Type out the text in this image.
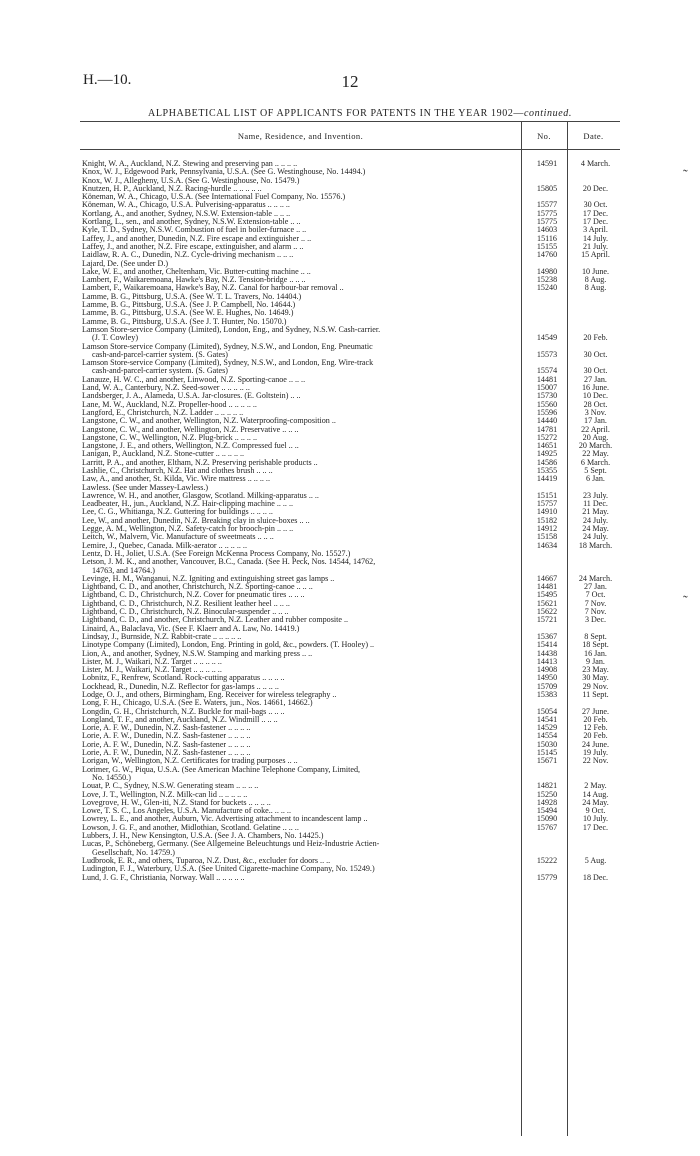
H.—10.	12
ALPHABETICAL LIST OF APPLICANTS FOR PATENTS IN THE YEAR 1902—continued.
Name, Residence, and Invention.	No.	Date.
Knight, W. A., Auckland, N.Z. Stewing and preserving pan .. .. .. ..	14591	4 March.
Knox, W. J., Edgewood Park, Pennsylvania, U.S.A. (See G. Westinghouse, No. 14494.)
Knox, W. J., Allegheny, U.S.A. (See G. Westinghouse, No. 15479.)
Knutzen, H. P., Auckland, N.Z. Racing-hurdle .. .. .. .. ..	15805	20 Dec.
Köneman, W. A., Chicago, U.S.A. (See International Fuel Company, No. 15576.)
Köneman, W. A., Chicago, U.S.A. Pulverising-apparatus .. .. .. ..	15577	30 Oct.
Kortlang, A., and another, Sydney, N.S.W. Extension-table .. .. ..	15775	17 Dec.
Kortlang, L., sen., and another, Sydney, N.S.W. Extension-table .. ..	15775	17 Dec.
Kyle, T. D., Sydney, N.S.W. Combustion of fuel in boiler-furnace .. ..	14603	3 April.
Laffey, J., and another, Dunedin, N.Z. Fire escape and extinguisher .. ..	15116	14 July.
Laffey, J., and another, N.Z. Fire escape, extinguisher, and alarm .. ..	15155	21 July.
Laidlaw, R. A. C., Dunedin, N.Z. Cycle-driving mechanism .. .. ..	14760	15 April.
Lajard, De. (See under D.)
Lake, W. E., and another, Cheltenham, Vic. Butter-cutting machine .. ..	14980	10 June.
Lambert, F., Waikaremoana, Hawke's Bay, N.Z. Tension-bridge .. .. ..	15238	8 Aug.
Lambert, F., Waikaremoana, Hawke's Bay, N.Z. Canal for harbour-bar removal ..	15240	8 Aug.
Lamme, B. G., Pittsburg, U.S.A. (See W. T. L. Travers, No. 14404.)
Lamme, B. G., Pittsburg, U.S.A. (See J. P. Campbell, No. 14644.)
Lamme, B. G., Pittsburg, U.S.A. (See W. E. Hughes, No. 14649.)
Lamme, B. G., Pittsburg, U.S.A. (See J. T. Hunter, No. 15070.)
Lamson Store-service Company (Limited), London, Eng., and Sydney, N.S.W. Cash-carrier.
(J. T. Cowley)	14549	20 Feb.
Lamson Store-service Company (Limited), Sydney, N.S.W., and London, Eng. Pneumatic
cash-and-parcel-carrier system. (S. Gates)	15573	30 Oct.
Lamson Store-service Company (Limited), Sydney, N.S.W., and London, Eng. Wire-track
cash-and-parcel-carrier system. (S. Gates)	15574	30 Oct.
Lanauze, H. W. C., and another, Linwood, N.Z. Sporting-canoe .. .. ..	14481	27 Jan.
Land, W. A., Canterbury, N.Z. Seed-sower .. .. .. .. ..	15007	16 June.
Landsberger, J. A., Alameda, U.S.A. Jar-closures. (E. Goltstein) .. ..	15730	10 Dec.
Lane, M. W., Auckland, N.Z. Propeller-hood .. .. .. .. ..	15560	28 Oct.
Langford, E., Christchurch, N.Z. Ladder .. .. .. .. ..	15596	3 Nov.
Langstone, C. W., and another, Wellington, N.Z. Waterproofing-composition ..	14440	17 Jan.
Langstone, C. W., and another, Wellington, N.Z. Preservative .. .. ..	14781	22 April.
Langstone, C. W., Wellington, N.Z. Plug-brick .. .. .. ..	15272	20 Aug.
Langstone, J. E., and others, Wellington, N.Z. Compressed fuel .. ..	14651	20 March.
Lanigan, P., Auckland, N.Z. Stone-cutter .. .. .. .. ..	14925	22 May.
Larritt, P. A., and another, Eltham, N.Z. Preserving perishable products ..	14586	6 March.
Lashlie, C., Christchurch, N.Z. Hat and clothes brush .. .. ..	15355	5 Sept.
Law, A., and another, St. Kilda, Vic. Wire mattress .. .. .. ..	14419	6 Jan.
Lawless. (See under Massey-Lawless.)
Lawrence, W. H., and another, Glasgow, Scotland. Milking-apparatus .. ..	15151	23 July.
Leadbeater, H., jun., Auckland, N.Z. Hair-clipping machine .. .. ..	15757	11 Dec.
Lee, C. G., Whitianga, N.Z. Guttering for buildings .. .. .. ..	14910	21 May.
Lee, W., and another, Dunedin, N.Z. Breaking clay in sluice-boxes .. ..	15182	24 July.
Legge, A. M., Wellington, N.Z. Safety-catch for brooch-pin .. .. ..	14912	24 May.
Leitch, W., Malvern, Vic. Manufacture of sweetmeats .. .. ..	15158	24 July.
Lemire, J., Quebec, Canada. Milk-aerator .. .. .. .. ..	14634	18 March.
Lentz, D. H., Joliet, U.S.A. (See Foreign McKenna Process Company, No. 15527.)
Letson, J. M. K., and another, Vancouver, B.C., Canada. (See H. Peck, Nos. 14544, 14762,
14763, and 14764.)
Levinge, H. M., Wanganui, N.Z. Igniting and extinguishing street gas lamps ..	14667	24 March.
Lightband, C. D., and another, Christchurch, N.Z. Sporting-canoe .. .. ..	14481	27 Jan.
Lightband, C. D., Christchurch, N.Z. Cover for pneumatic tires .. .. ..	15495	7 Oct.
Lightband, C. D., Christchurch, N.Z. Resilient leather heel .. .. ..	15621	7 Nov.
Lightband, C. D., Christchurch, N.Z. Binocular-suspender .. .. ..	15622	7 Nov.
Lightband, C. D., and another, Christchurch, N.Z. Leather and rubber composite ..	15721	3 Dec.
Linaird, A., Balaclava, Vic. (See F. Klaerr and A. Law, No. 14419.)
Lindsay, J., Burnside, N.Z. Rabbit-crate .. .. .. .. ..	15367	8 Sept.
Linotype Company (Limited), London, Eng. Printing in gold, &c., powders. (T. Hooley) ..	15414	18 Sept.
Lion, A., and another, Sydney, N.S.W. Stamping and marking press .. ..	14438	16 Jan.
Lister, M. J., Waikari, N.Z. Target .. .. .. .. ..	14413	9 Jan.
Lister, M. J., Waikari, N.Z. Target .. .. .. .. ..	14908	23 May.
Lobnitz, F., Renfrew, Scotland. Rock-cutting apparatus .. .. .. ..	14950	30 May.
Lockhead, R., Dunedin, N.Z. Reflector for gas-lamps .. .. .. ..	15709	29 Nov.
Lodge, O. J., and others, Birmingham, Eng. Receiver for wireless telegraphy ..	15383	11 Sept.
Long, F. H., Chicago, U.S.A. (See E. Waters, jun., Nos. 14661, 14662.)
Longdin, G. H., Christchurch, N.Z. Buckle for mail-bags .. .. ..	15054	27 June.
Longland, T. F., and another, Auckland, N.Z. Windmill .. .. ..	14541	20 Feb.
Lorie, A. F. W., Dunedin, N.Z. Sash-fastener .. .. .. ..	14529	12 Feb.
Lorie, A. F. W., Dunedin, N.Z. Sash-fastener .. .. .. ..	14554	20 Feb.
Lorie, A. F. W., Dunedin, N.Z. Sash-fastener .. .. .. ..	15030	24 June.
Lorie, A. F. W., Dunedin, N.Z. Sash-fastener .. .. .. ..	15145	19 July.
Lorigan, W., Wellington, N.Z. Certificates for trading purposes .. ..	15671	22 Nov.
Lorimer, G. W., Piqua, U.S.A. (See American Machine Telephone Company, Limited,
No. 14550.)
Louat, P. C., Sydney, N.S.W. Generating steam .. .. .. ..	14821	2 May.
Love, J. T., Wellington, N.Z. Milk-can lid .. .. .. .. ..	15250	14 Aug.
Lovegrove, H. W., Glen-iti, N.Z. Stand for buckets .. .. .. ..	14928	24 May.
Lowe, T. S. C., Los Angeles, U.S.A. Manufacture of coke.. .. .. ..	15494	9 Oct.
Lowrey, L. E., and another, Auburn, Vic. Advertising attachment to incandescent lamp ..	15090	10 July.
Lowson, J. G. F., and another, Midlothian, Scotland. Gelatine .. .. ..	15767	17 Dec.
Lubbers, J. H., New Kensington, U.S.A. (See J. A. Chambers, No. 14425.)
Lucas, P., Schöneberg, Germany. (See Allgemeine Beleuchtungs und Heiz-Industrie Actien-
Gesellschaft, No. 14759.)
Ludbrook, E. R., and others, Tuparoa, N.Z. Dust, &c., excluder for doors .. ..	15222	5 Aug.
Ludington, F. J., Waterbury, U.S.A. (See United Cigarette-machine Company, No. 15249.)
Lund, J. G. F., Christiania, Norway. Wall .. .. .. .. ..	15779	18 Dec.
˜
˜
